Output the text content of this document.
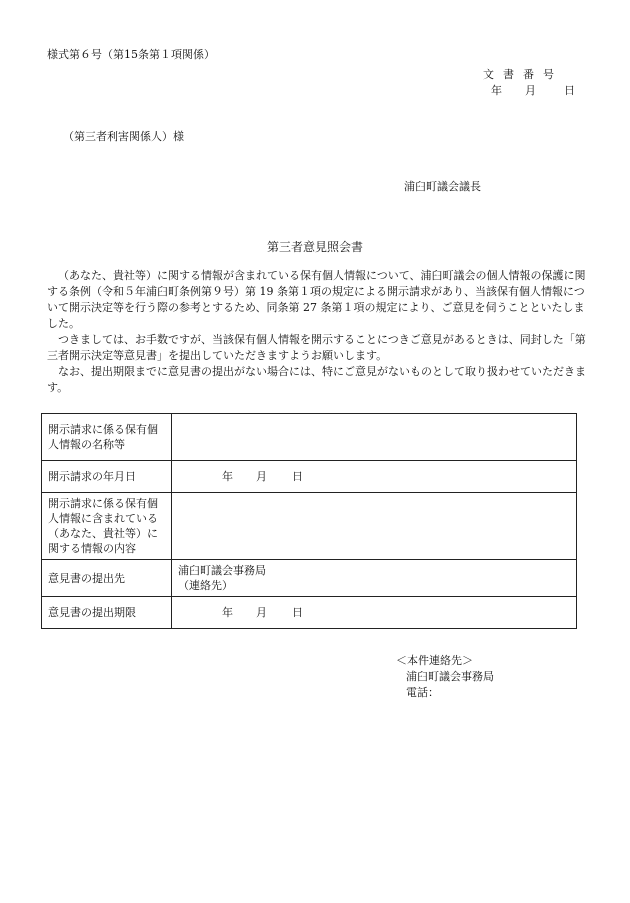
様式第６号（第15条第１項関係）
文書番号
年 月	日
（第三者利害関係人）様
浦臼町議会議長
第三者意見照会書

（あなた、貴社等）に関する情報が含まれている保有個人情報について、浦臼町議会の個人情報の保護に関する条例（令和５年浦臼町条例第９号）第 19 条第１項の規定による開示請求があり、当該保有個人情報について開示決定等を行う際の参考とするため、同条第 27 条第１項の規定により、ご意見を伺うことといたしました。

つきましては、お手数ですが、当該保有個人情報を開示することにつきご意見があるときは、同封した「第三者開示決定等意見書」を提出していただきますようお願いします。

なお、提出期限までに意見書の提出がない場合には、特にご意見がないものとして取り扱わせていただきます。

開示請求に係る保有個人情報の名称等	
開示請求の年月日	年 月 日
開示請求に係る保有個人情報に含まれている（あなた、貴社等）に関する情報の内容	
意見書の提出先	浦臼町議会事務局
（連絡先）

意見書の提出期限	年 月 日
＜本件連絡先＞
浦臼町議会事務局
電話：
